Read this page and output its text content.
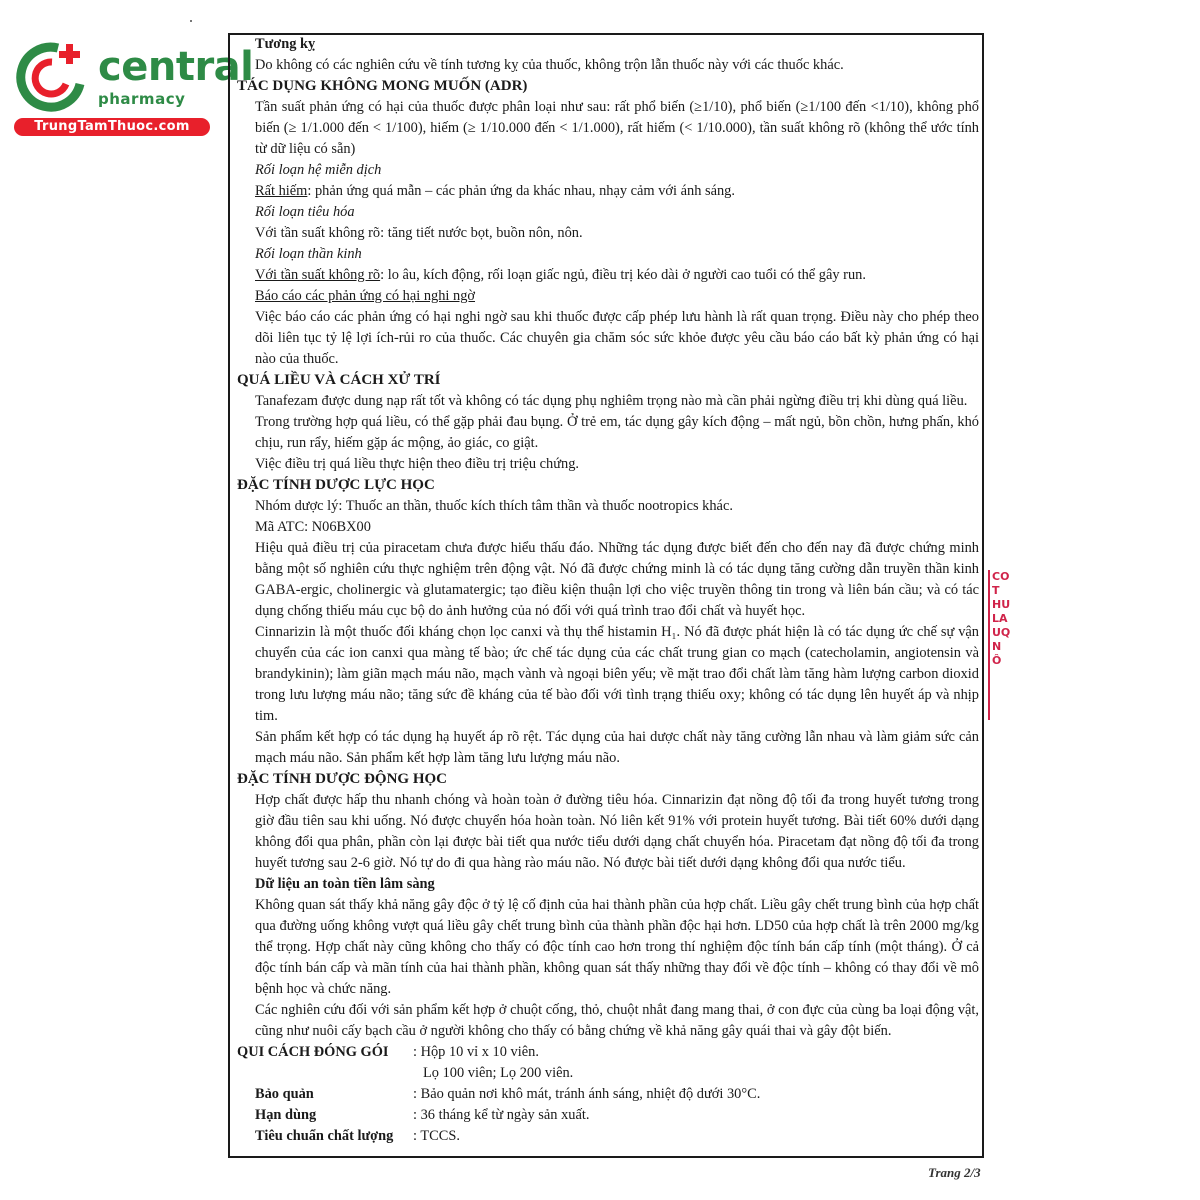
central
pharmacy
TrungTamThuoc.com

Tương kỵ

Do không có các nghiên cứu về tính tương kỵ của thuốc, không trộn lẫn thuốc này với các thuốc khác.

TÁC DỤNG KHÔNG MONG MUỐN (ADR)

Tần suất phản ứng có hại của thuốc được phân loại như sau: rất phổ biến (≥1/10), phổ biến (≥1/100 đến <1/10), không phổ biến (≥ 1/1.000 đến < 1/100), hiếm (≥ 1/10.000 đến < 1/1.000), rất hiếm (< 1/10.000), tần suất không rõ (không thể ước tính từ dữ liệu có sẵn)

Rối loạn hệ miễn dịch

Rất hiếm: phản ứng quá mẫn – các phản ứng da khác nhau, nhạy cảm với ánh sáng.

Rối loạn tiêu hóa

Với tần suất không rõ: tăng tiết nước bọt, buồn nôn, nôn.

Rối loạn thần kinh

Với tần suất không rõ: lo âu, kích động, rối loạn giấc ngủ, điều trị kéo dài ở người cao tuổi có thể gây run.

Báo cáo các phản ứng có hại nghi ngờ

Việc báo cáo các phản ứng có hại nghi ngờ sau khi thuốc được cấp phép lưu hành là rất quan trọng. Điều này cho phép theo dõi liên tục tỷ lệ lợi ích-rủi ro của thuốc. Các chuyên gia chăm sóc sức khỏe được yêu cầu báo cáo bất kỳ phản ứng có hại nào của thuốc.

QUÁ LIỀU VÀ CÁCH XỬ TRÍ

Tanafezam được dung nạp rất tốt và không có tác dụng phụ nghiêm trọng nào mà cần phải ngừng điều trị khi dùng quá liều.

Trong trường hợp quá liều, có thể gặp phải đau bụng. Ở trẻ em, tác dụng gây kích động – mất ngủ, bồn chồn, hưng phấn, khó chịu, run rẩy, hiếm gặp ác mộng, ảo giác, co giật.

Việc điều trị quá liều thực hiện theo điều trị triệu chứng.

ĐẶC TÍNH DƯỢC LỰC HỌC

Nhóm dược lý: Thuốc an thần, thuốc kích thích tâm thần và thuốc nootropics khác.

Mã ATC: N06BX00

Hiệu quả điều trị của piracetam chưa được hiểu thấu đáo. Những tác dụng được biết đến cho đến nay đã được chứng minh bằng một số nghiên cứu thực nghiệm trên động vật. Nó đã được chứng minh là có tác dụng tăng cường dẫn truyền thần kinh GABA-ergic, cholinergic và glutamatergic; tạo điều kiện thuận lợi cho việc truyền thông tin trong và liên bán cầu; và có tác dụng chống thiếu máu cục bộ do ảnh hưởng của nó đối với quá trình trao đổi chất và huyết học.

Cinnarizin là một thuốc đối kháng chọn lọc canxi và thụ thể histamin H₁. Nó đã được phát hiện là có tác dụng ức chế sự vận chuyển của các ion canxi qua màng tế bào; ức chế tác dụng của các chất trung gian co mạch (catecholamin, angiotensin và brandykinin); làm giãn mạch máu não, mạch vành và ngoại biên yếu; về mặt trao đổi chất làm tăng hàm lượng carbon dioxid trong lưu lượng máu não; tăng sức đề kháng của tế bào đối với tình trạng thiếu oxy; không có tác dụng lên huyết áp và nhịp tim.

Sản phẩm kết hợp có tác dụng hạ huyết áp rõ rệt. Tác dụng của hai dược chất này tăng cường lẫn nhau và làm giảm sức cản mạch máu não. Sản phẩm kết hợp làm tăng lưu lượng máu não.

ĐẶC TÍNH DƯỢC ĐỘNG HỌC

Hợp chất được hấp thu nhanh chóng và hoàn toàn ở đường tiêu hóa. Cinnarizin đạt nồng độ tối đa trong huyết tương trong giờ đầu tiên sau khi uống. Nó được chuyển hóa hoàn toàn. Nó liên kết 91% với protein huyết tương. Bài tiết 60% dưới dạng không đổi qua phân, phần còn lại được bài tiết qua nước tiểu dưới dạng chất chuyển hóa. Piracetam đạt nồng độ tối đa trong huyết tương sau 2-6 giờ. Nó tự do đi qua hàng rào máu não. Nó được bài tiết dưới dạng không đổi qua nước tiểu.

Dữ liệu an toàn tiền lâm sàng

Không quan sát thấy khả năng gây độc ở tỷ lệ cố định của hai thành phần của hợp chất. Liều gây chết trung bình của hợp chất qua đường uống không vượt quá liều gây chết trung bình của thành phần độc hại hơn. LD50 của hợp chất là trên 2000 mg/kg thể trọng. Hợp chất này cũng không cho thấy có độc tính cao hơn trong thí nghiệm độc tính bán cấp tính (một tháng). Ở cả độc tính bán cấp và mãn tính của hai thành phần, không quan sát thấy những thay đổi về độc tính – không có thay đổi về mô bệnh học và chức năng.

Các nghiên cứu đối với sản phẩm kết hợp ở chuột cống, thỏ, chuột nhắt đang mang thai, ở con đực của cùng ba loại động vật, cũng như nuôi cấy bạch cầu ở người không cho thấy có bằng chứng về khả năng gây quái thai và gây đột biến.

QUI CÁCH ĐÓNG GÓI	: Hộp 10 vỉ x 10 viên.
Lọ 100 viên; Lọ 200 viên.
Bảo quản	: Bảo quản nơi khô mát, tránh ánh sáng, nhiệt độ dưới 30°C.
Hạn dùng	: 36 tháng kể từ ngày sản xuất.
Tiêu chuẩn chất lượng	: TCCS.
CO T HU LA UQ N Ô
Trang 2/3
